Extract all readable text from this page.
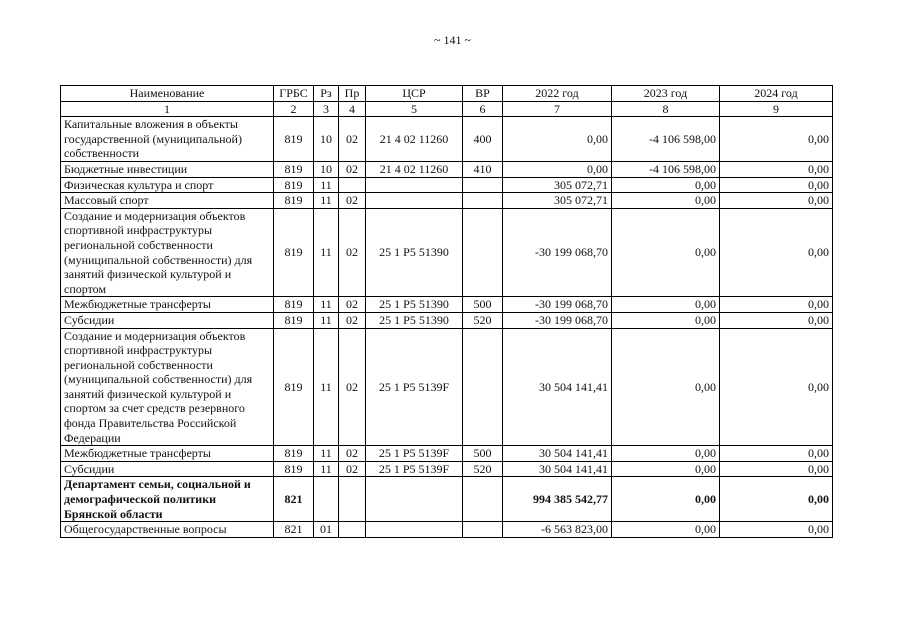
~ 141 ~
Наименование	ГРБС	Рз	Пр	ЦСР	ВР	2022 год	2023 год	2024 год
1	2	3	4	5	6	7	8	9
Капитальные вложения в объекты государственной (муниципальной) собственности	819	10	02	21 4 02 11260	400	0,00	-4 106 598,00	0,00
Бюджетные инвестиции	819	10	02	21 4 02 11260	410	0,00	-4 106 598,00	0,00
Физическая культура и спорт	819	11				305 072,71	0,00	0,00
Массовый спорт	819	11	02			305 072,71	0,00	0,00
Создание и модернизация объектов спортивной инфраструктуры региональной собственности (муниципальной собственности) для занятий физической культурой и спортом	819	11	02	25 1 P5 51390		-30 199 068,70	0,00	0,00
Межбюджетные трансферты	819	11	02	25 1 P5 51390	500	-30 199 068,70	0,00	0,00
Субсидии	819	11	02	25 1 P5 51390	520	-30 199 068,70	0,00	0,00
Создание и модернизация объектов спортивной инфраструктуры региональной собственности (муниципальной собственности) для занятий физической культурой и спортом за счет средств резервного фонда Правительства Российской Федерации	819	11	02	25 1 P5 5139F		30 504 141,41	0,00	0,00
Межбюджетные трансферты	819	11	02	25 1 P5 5139F	500	30 504 141,41	0,00	0,00
Субсидии	819	11	02	25 1 P5 5139F	520	30 504 141,41	0,00	0,00
Департамент семьи, социальной и демографической политики Брянской области	821					994 385 542,77	0,00	0,00
Общегосударственные вопросы	821	01				-6 563 823,00	0,00	0,00
